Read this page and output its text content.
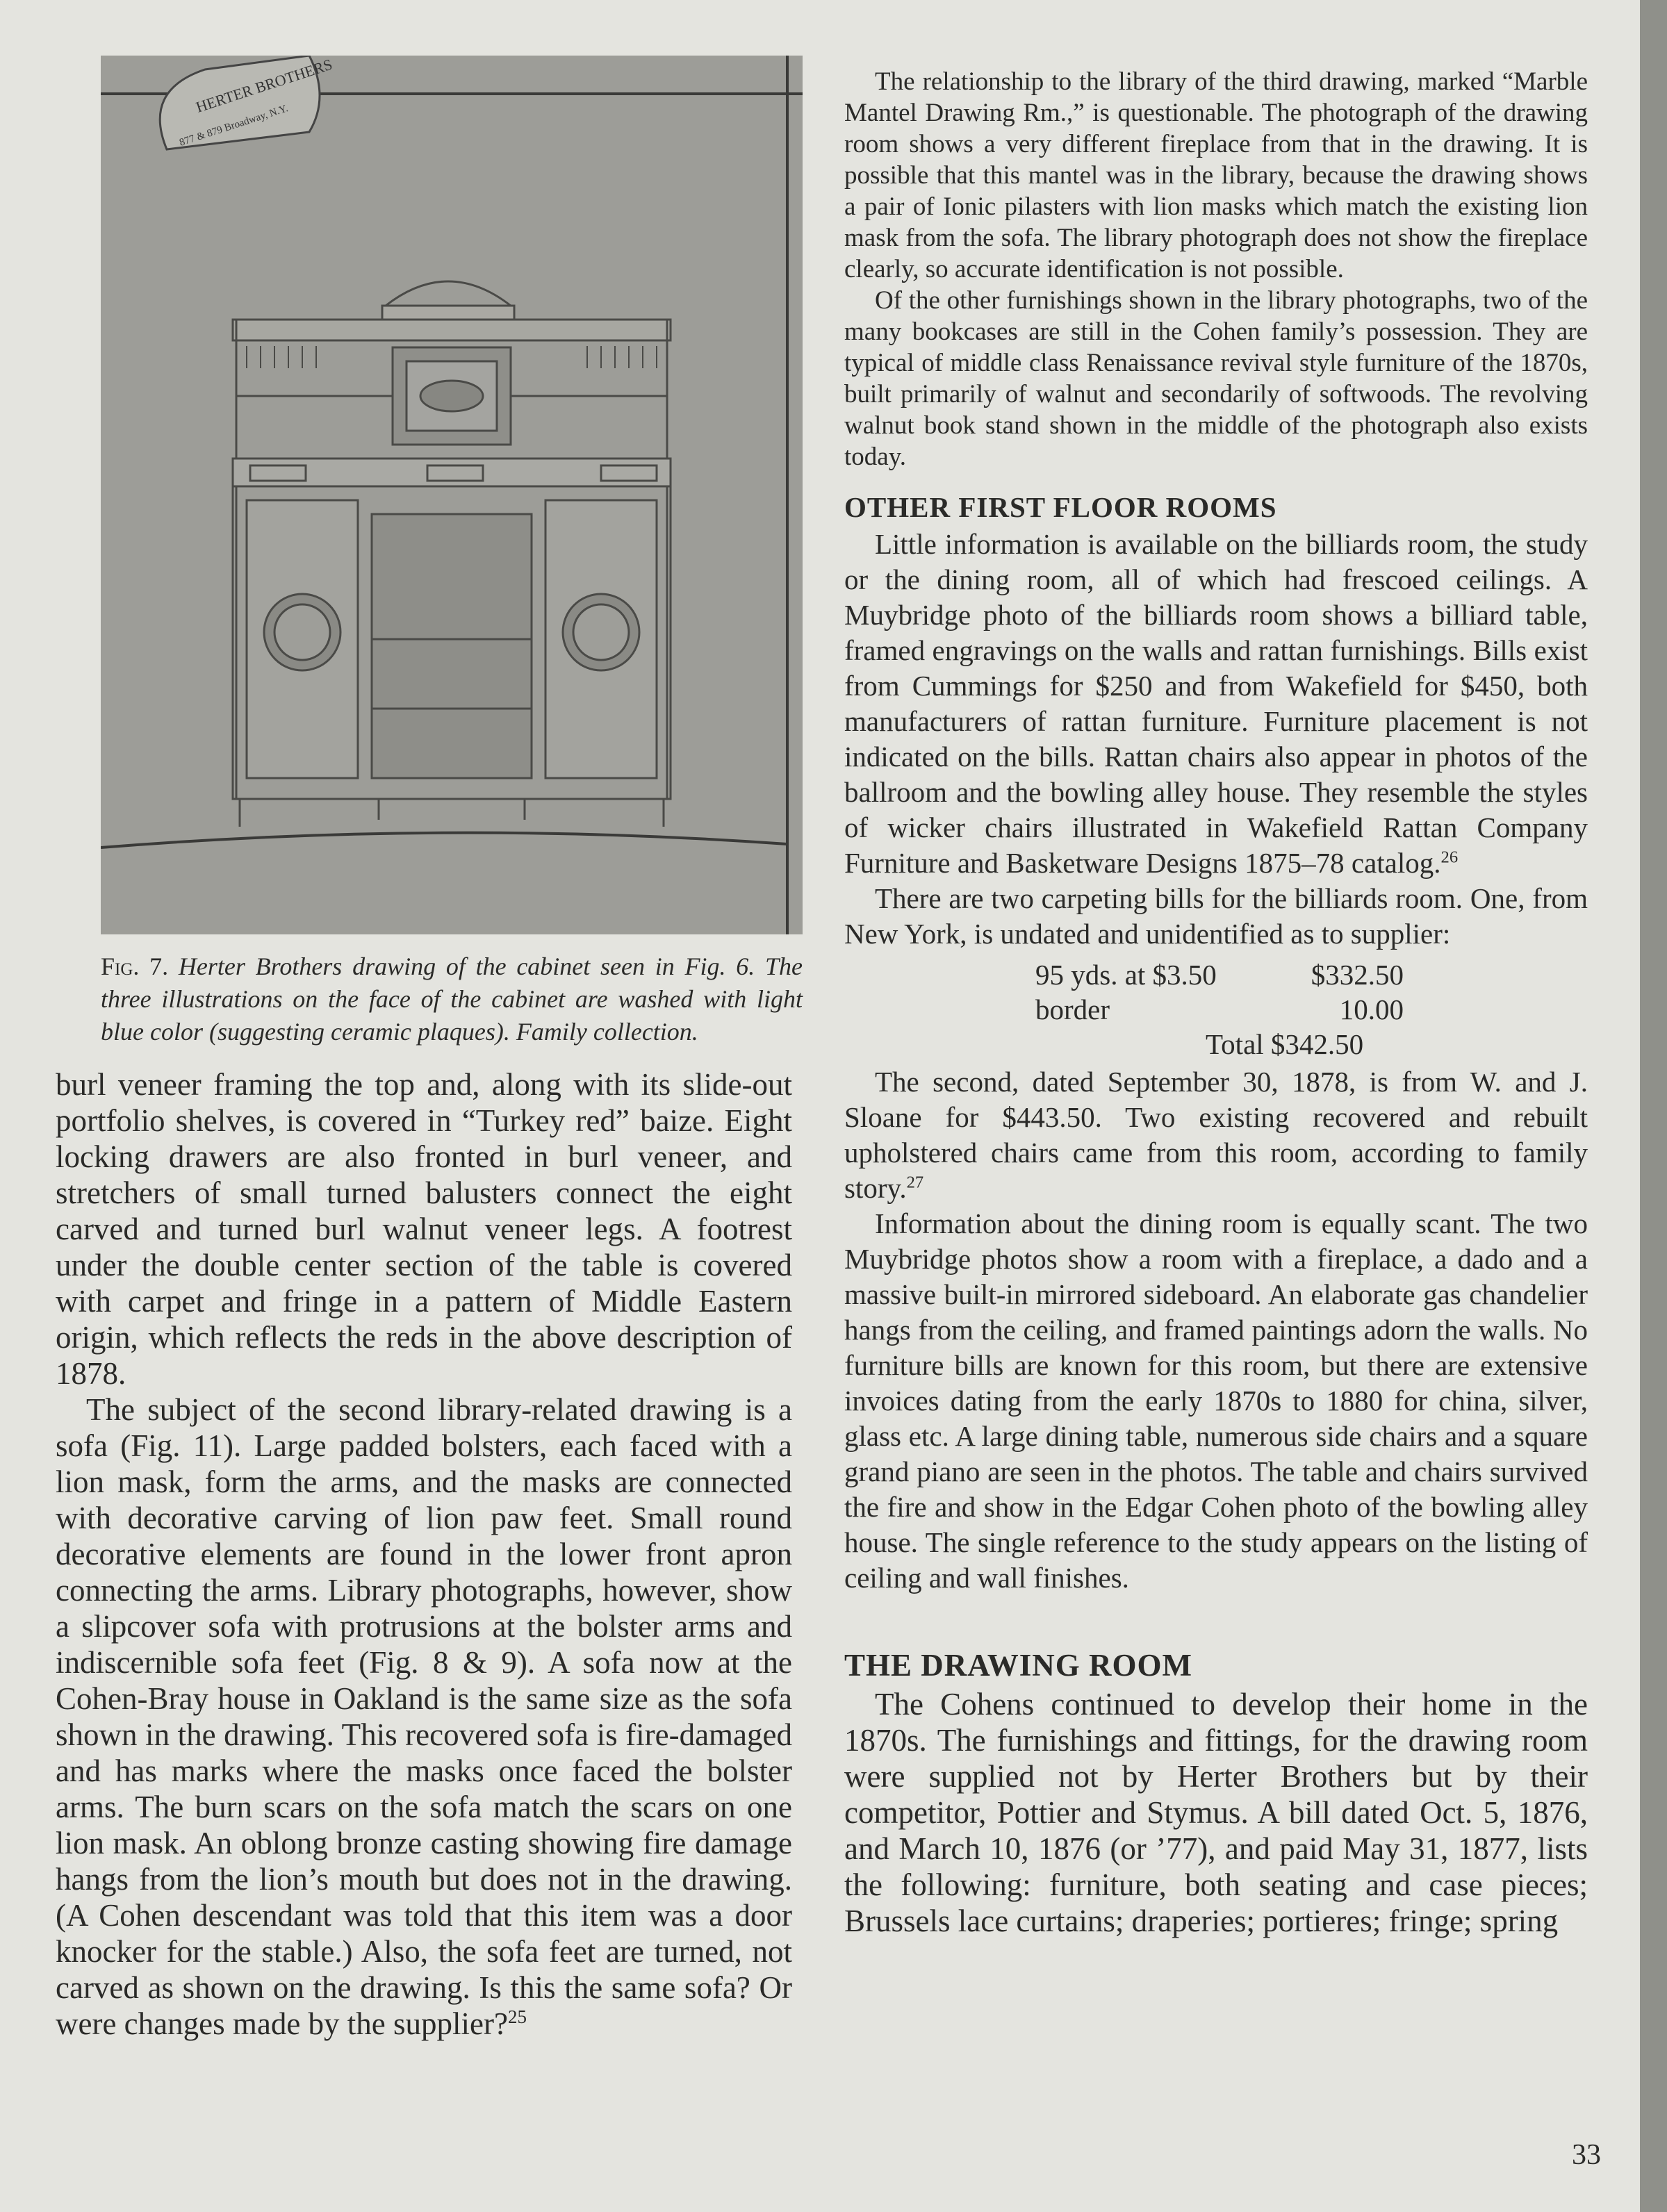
HERTER BROTHERS
877 & 879 Broadway, N.Y.
Fig. 7. Herter Brothers drawing of the cabinet seen in Fig. 6. The three illustrations on the face of the cabinet are washed with light blue color (suggesting ceramic plaques). Family collection.

burl veneer framing the top and, along with its slide-out portfolio shelves, is covered in “Turkey red” baize. Eight locking drawers are also fronted in burl veneer, and stretchers of small turned balusters connect the eight carved and turned burl walnut veneer legs. A footrest under the double center section of the table is covered with carpet and fringe in a pattern of Middle Eastern origin, which reflects the reds in the above description of 1878.

The subject of the second library-related drawing is a sofa (Fig. 11). Large padded bolsters, each faced with a lion mask, form the arms, and the masks are connected with decorative carving of lion paw feet. Small round decorative elements are found in the lower front apron connecting the arms. Library photographs, however, show a slipcover sofa with protrusions at the bolster arms and indiscernible sofa feet (Fig. 8 & 9). A sofa now at the Cohen-Bray house in Oakland is the same size as the sofa shown in the drawing. This recovered sofa is fire-damaged and has marks where the masks once faced the bolster arms. The burn scars on the sofa match the scars on one lion mask. An oblong bronze casting showing fire damage hangs from the lion’s mouth but does not in the drawing. (A Cohen descendant was told that this item was a door knocker for the stable.) Also, the sofa feet are turned, not carved as shown on the drawing. Is this the same sofa? Or were changes made by the supplier?$^{25}$

The relationship to the library of the third drawing, marked “Marble Mantel Drawing Rm.,” is questionable. The photograph of the drawing room shows a very different fireplace from that in the drawing. It is possible that this mantel was in the library, because the drawing shows a pair of Ionic pilasters with lion masks which match the existing lion mask from the sofa. The library photograph does not show the fireplace clearly, so accurate identification is not possible.

Of the other furnishings shown in the library photographs, two of the many bookcases are still in the Cohen family’s possession. They are typical of middle class Renaissance revival style furniture of the 1870s, built primarily of walnut and secondarily of softwoods. The revolving walnut book stand shown in the middle of the photograph also exists today.

OTHER FIRST FLOOR ROOMS

Little information is available on the billiards room, the study or the dining room, all of which had frescoed ceilings. A Muybridge photo of the billiards room shows a billiard table, framed engravings on the walls and rattan furnishings. Bills exist from Cummings for $250 and from Wakefield for $450, both manufacturers of rattan furniture. Furniture placement is not indicated on the bills. Rattan chairs also appear in photos of the ballroom and the bowling alley house. They resemble the styles of wicker chairs illustrated in Wakefield Rattan Company Furniture and Basketware Designs 1875–78 catalog.$^{26}$

There are two carpeting bills for the billiards room. One, from New York, is undated and unidentified as to supplier:

95 yds. at $3.50	$332.50
border	10.00
Total $342.50

The second, dated September 30, 1878, is from W. and J. Sloane for $443.50. Two existing recovered and rebuilt upholstered chairs came from this room, according to family story.$^{27}$

Information about the dining room is equally scant. The two Muybridge photos show a room with a fireplace, a dado and a massive built-in mirrored sideboard. An elaborate gas chandelier hangs from the ceiling, and framed paintings adorn the walls. No furniture bills are known for this room, but there are extensive invoices dating from the early 1870s to 1880 for china, silver, glass etc. A large dining table, numerous side chairs and a square grand piano are seen in the photos. The table and chairs survived the fire and show in the Edgar Cohen photo of the bowling alley house. The single reference to the study appears on the listing of ceiling and wall finishes.

THE DRAWING ROOM

The Cohens continued to develop their home in the 1870s. The furnishings and fittings, for the drawing room were supplied not by Herter Brothers but by their competitor, Pottier and Stymus. A bill dated Oct. 5, 1876, and March 10, 1876 (or ’77), and paid May 31, 1877, lists the following: furniture, both seating and case pieces; Brussels lace curtains; draperies; portieres; fringe; spring

33
